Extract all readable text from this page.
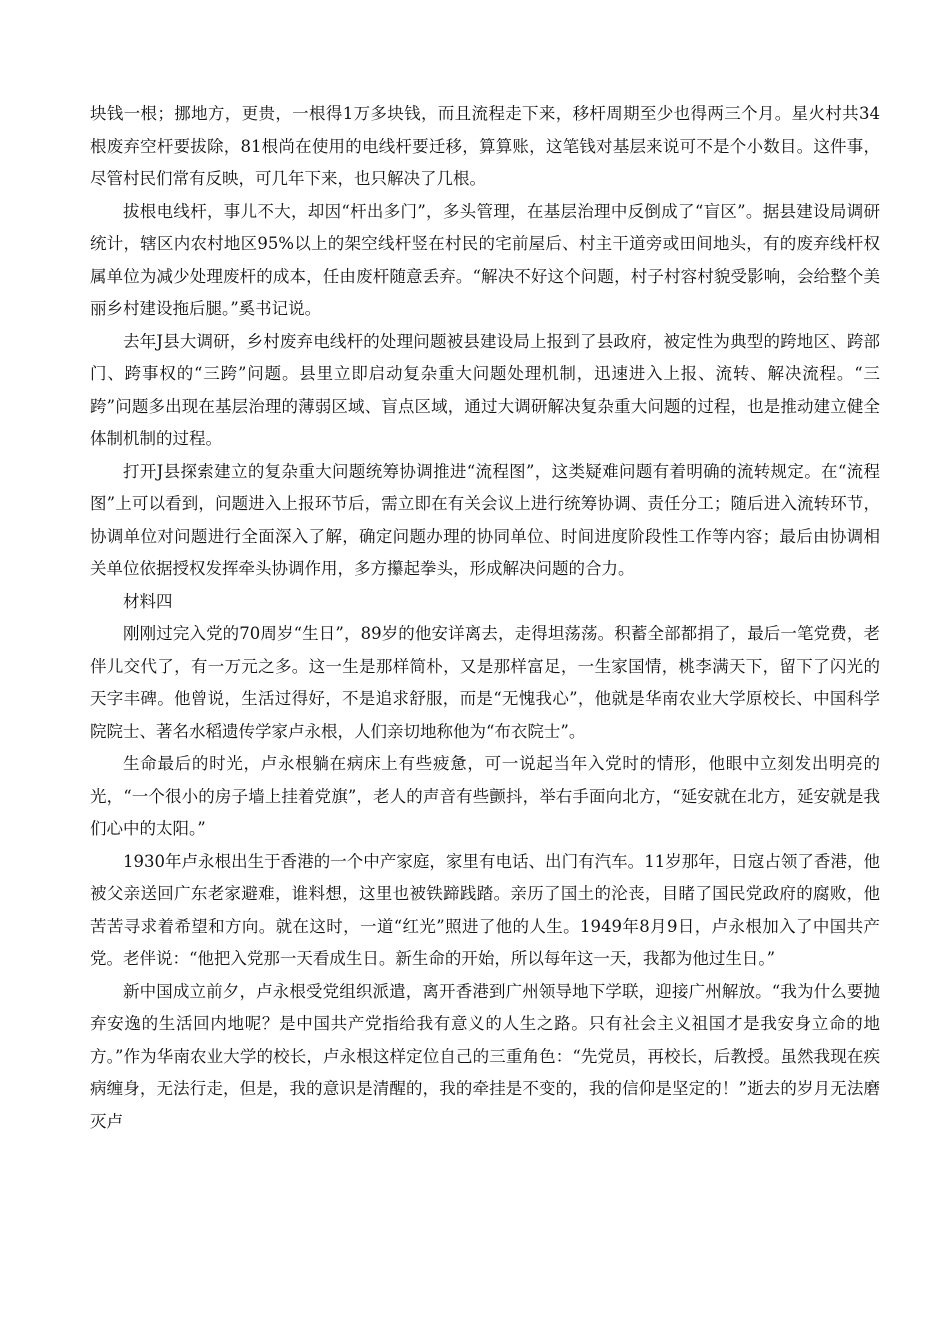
块钱一根；挪地方，更贵，一根得1万多块钱，而且流程走下来，移杆周期至少也得两三个月。星火村共34根废弃空杆要拔除，81根尚在使用的电线杆要迁移，算算账，这笔钱对基层来说可不是个小数目。这件事，尽管村民们常有反映，可几年下来，也只解决了几根。

拔根电线杆，事儿不大，却因“杆出多门”，多头管理，在基层治理中反倒成了“盲区”。据县建设局调研统计，辖区内农村地区95%以上的架空线杆竖在村民的宅前屋后、村主干道旁或田间地头，有的废弃线杆权属单位为减少处理废杆的成本，任由废杆随意丢弃。“解决不好这个问题，村子村容村貌受影响，会给整个美丽乡村建设拖后腿。”奚书记说。

去年J县大调研，乡村废弃电线杆的处理问题被县建设局上报到了县政府，被定性为典型的跨地区、跨部门、跨事权的“三跨”问题。县里立即启动复杂重大问题处理机制，迅速进入上报、流转、解决流程。“三跨”问题多出现在基层治理的薄弱区域、盲点区域，通过大调研解决复杂重大问题的过程，也是推动建立健全体制机制的过程。

打开J县探索建立的复杂重大问题统筹协调推进“流程图”，这类疑难问题有着明确的流转规定。在“流程图”上可以看到，问题进入上报环节后，需立即在有关会议上进行统筹协调、责任分工；随后进入流转环节，协调单位对问题进行全面深入了解，确定问题办理的协同单位、时间进度阶段性工作等内容；最后由协调相关单位依据授权发挥牵头协调作用，多方攥起拳头，形成解决问题的合力。

材料四

刚刚过完入党的70周岁“生日”，89岁的他安详离去，走得坦荡荡。积蓄全部都捐了，最后一笔党费，老伴儿交代了，有一万元之多。这一生是那样简朴，又是那样富足，一生家国情，桃李满天下，留下了闪光的天字丰碑。他曾说，生活过得好，不是追求舒服，而是“无愧我心”，他就是华南农业大学原校长、中国科学院院士、著名水稻遗传学家卢永根，人们亲切地称他为“布衣院士”。

生命最后的时光，卢永根躺在病床上有些疲惫，可一说起当年入党时的情形，他眼中立刻发出明亮的光，“一个很小的房子墙上挂着党旗”，老人的声音有些颤抖，举右手面向北方，“延安就在北方，延安就是我们心中的太阳。”

1930年卢永根出生于香港的一个中产家庭，家里有电话、出门有汽车。11岁那年，日寇占领了香港，他被父亲送回广东老家避难，谁料想，这里也被铁蹄践踏。亲历了国土的沦丧，目睹了国民党政府的腐败，他苦苦寻求着希望和方向。就在这时，一道“红光”照进了他的人生。1949年8月9日，卢永根加入了中国共产党。老伴说：“他把入党那一天看成生日。新生命的开始，所以每年这一天，我都为他过生日。”

新中国成立前夕，卢永根受党组织派遣，离开香港到广州领导地下学联，迎接广州解放。“我为什么要抛弃安逸的生活回内地呢？是中国共产党指给我有意义的人生之路。只有社会主义祖国才是我安身立命的地方。”作为华南农业大学的校长，卢永根这样定位自己的三重角色：“先党员，再校长，后教授。虽然我现在疾病缠身，无法行走，但是，我的意识是清醒的，我的牵挂是不变的，我的信仰是坚定的！”逝去的岁月无法磨灭卢
